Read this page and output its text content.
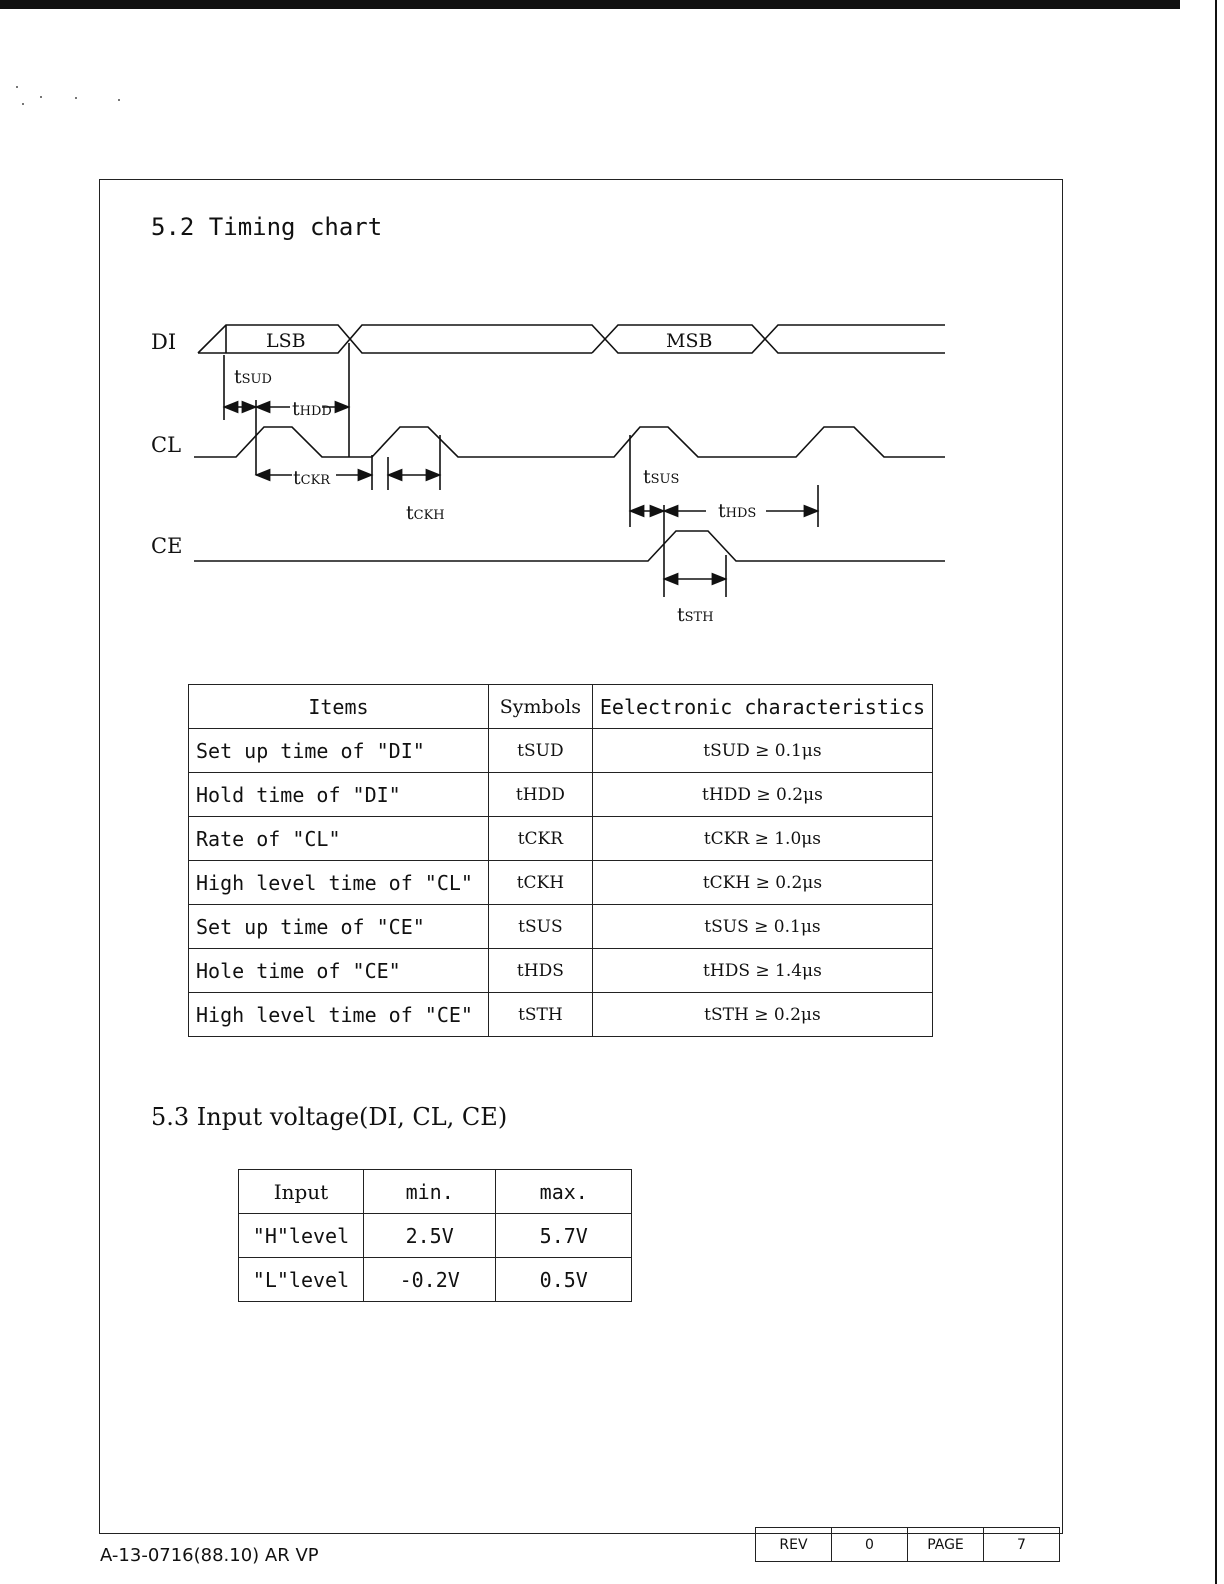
5.2 Timing chart
DI
CL
CE
LSB	MSB
tSUD
tHDD
tCKR
tCKH
tSUS
tHDS
tSTH
Items	Symbols	Eelectronic characteristics
Set up time of "DI"	tSUD	tSUD ≥ 0.1μs
Hold time of "DI"	tHDD	tHDD ≥ 0.2μs
Rate of "CL"	tCKR	tCKR ≥ 1.0μs
High level time of "CL"	tCKH	tCKH ≥ 0.2μs
Set up time of "CE"	tSUS	tSUS ≥ 0.1μs
Hole time of "CE"	tHDS	tHDS ≥ 1.4μs
High level time of "CE"	tSTH	tSTH ≥ 0.2μs
5.3 Input voltage(DI, CL, CE)
Input	min.	max.
"H"level	2.5V	5.7V
"L"level	-0.2V	0.5V
A-13-0716(88.10) AR VP
REV	0	PAGE	7
